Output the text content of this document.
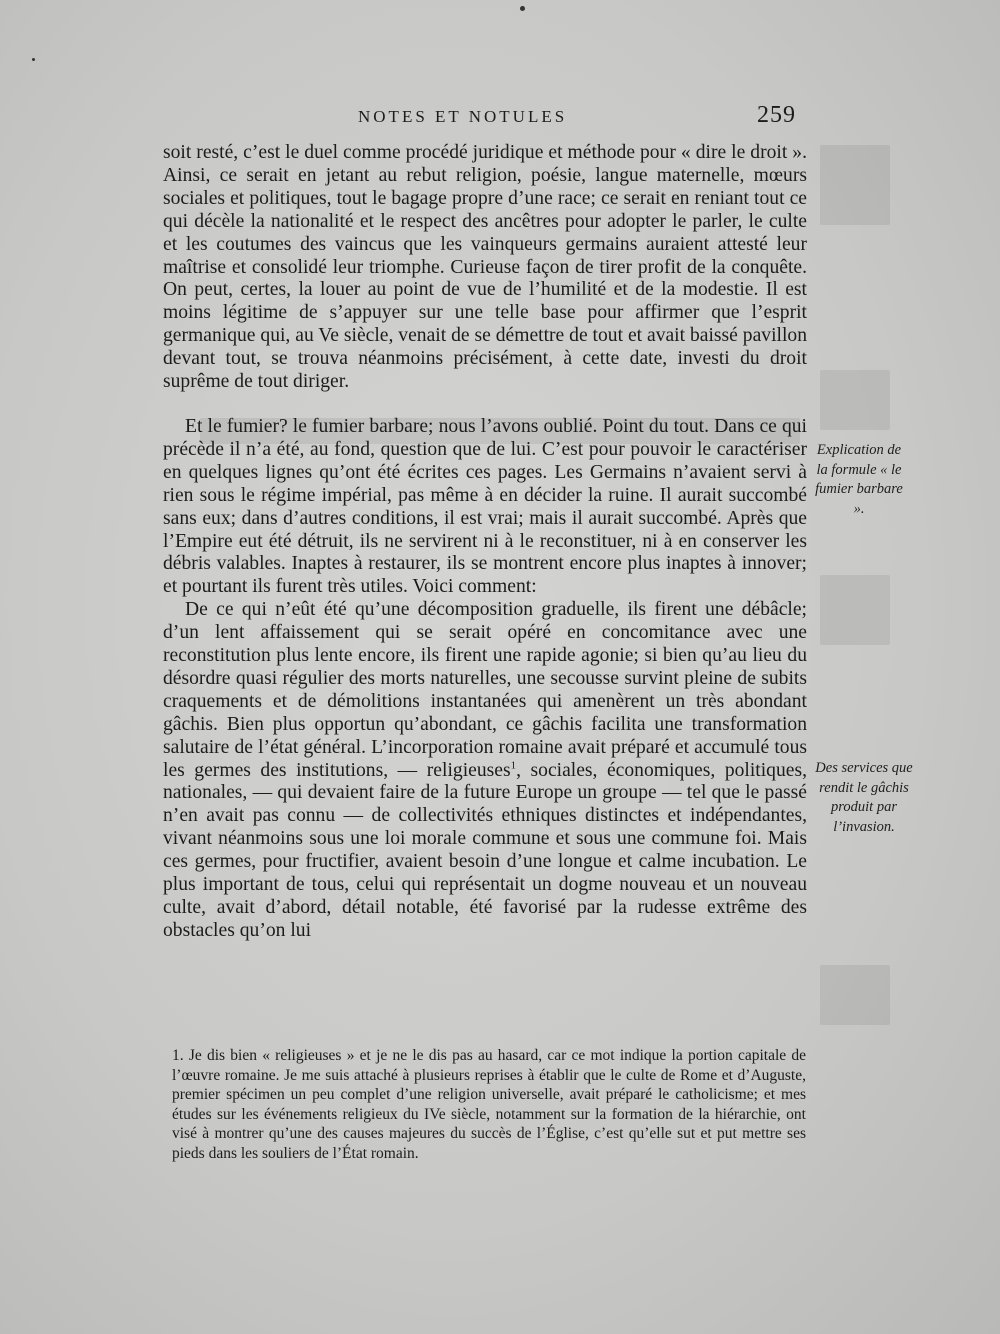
NOTES ET NOTULES	259

soit resté, c’est le duel comme procédé juridique et méthode pour « dire le droit ». Ainsi, ce serait en jetant au rebut religion, poésie, langue maternelle, mœurs sociales et politiques, tout le bagage propre d’une race; ce serait en reniant tout ce qui décèle la nationalité et le respect des ancêtres pour adopter le parler, le culte et les coutumes des vaincus que les vainqueurs germains auraient attesté leur maîtrise et consolidé leur triomphe. Curieuse façon de tirer profit de la conquête. On peut, certes, la louer au point de vue de l’humilité et de la modestie. Il est moins légitime de s’appuyer sur une telle base pour affirmer que l’esprit germanique qui, au Ve siècle, venait de se démettre de tout et avait baissé pavillon devant tout, se trouva néanmoins précisément, à cette date, investi du droit suprême de tout diriger.

Et le fumier? le fumier barbare; nous l’avons oublié. Point du tout. Dans ce qui précède il n’a été, au fond, question que de lui. C’est pour pouvoir le caractériser en quelques lignes qu’ont été écrites ces pages. Les Germains n’avaient servi à rien sous le régime impérial, pas même à en décider la ruine. Il aurait succombé sans eux; dans d’autres conditions, il est vrai; mais il aurait succombé. Après que l’Empire eut été détruit, ils ne servirent ni à le reconstituer, ni à en conserver les débris valables. Inaptes à restaurer, ils se montrent encore plus inaptes à innover; et pourtant ils furent très utiles. Voici comment:

De ce qui n’eût été qu’une décomposition graduelle, ils firent une débâcle; d’un lent affaissement qui se serait opéré en concomitance avec une reconstitution plus lente encore, ils firent une rapide agonie; si bien qu’au lieu du désordre quasi régulier des morts naturelles, une secousse survint pleine de subits craquements et de démolitions instantanées qui amenèrent un très abondant gâchis. Bien plus opportun qu’abondant, ce gâchis facilita une transformation salutaire de l’état général. L’incorporation romaine avait préparé et accumulé tous les germes des institutions, — religieuses$^1$, sociales, économiques, politiques, nationales, — qui devaient faire de la future Europe un groupe — tel que le passé n’en avait pas connu — de collectivités ethniques distinctes et indépendantes, vivant néanmoins sous une loi morale commune et sous une commune foi. Mais ces germes, pour fructifier, avaient besoin d’une longue et calme incubation. Le plus important de tous, celui qui représentait un dogme nouveau et un nouveau culte, avait d’abord, détail notable, été favorisé par la rudesse extrême des obstacles qu’on lui

Explication de la formule « le fumier barbare ».
Des services que rendit le gâchis produit par l’invasion.

1. Je dis bien « religieuses » et je ne le dis pas au hasard, car ce mot indique la portion capitale de l’œuvre romaine. Je me suis attaché à plusieurs reprises à établir que le culte de Rome et d’Auguste, premier spécimen un peu complet d’une religion universelle, avait préparé le catholicisme; et mes études sur les événements religieux du IVe siècle, notamment sur la formation de la hiérarchie, ont visé à montrer qu’une des causes majeures du succès de l’Église, c’est qu’elle sut et put mettre ses pieds dans les souliers de l’État romain.
